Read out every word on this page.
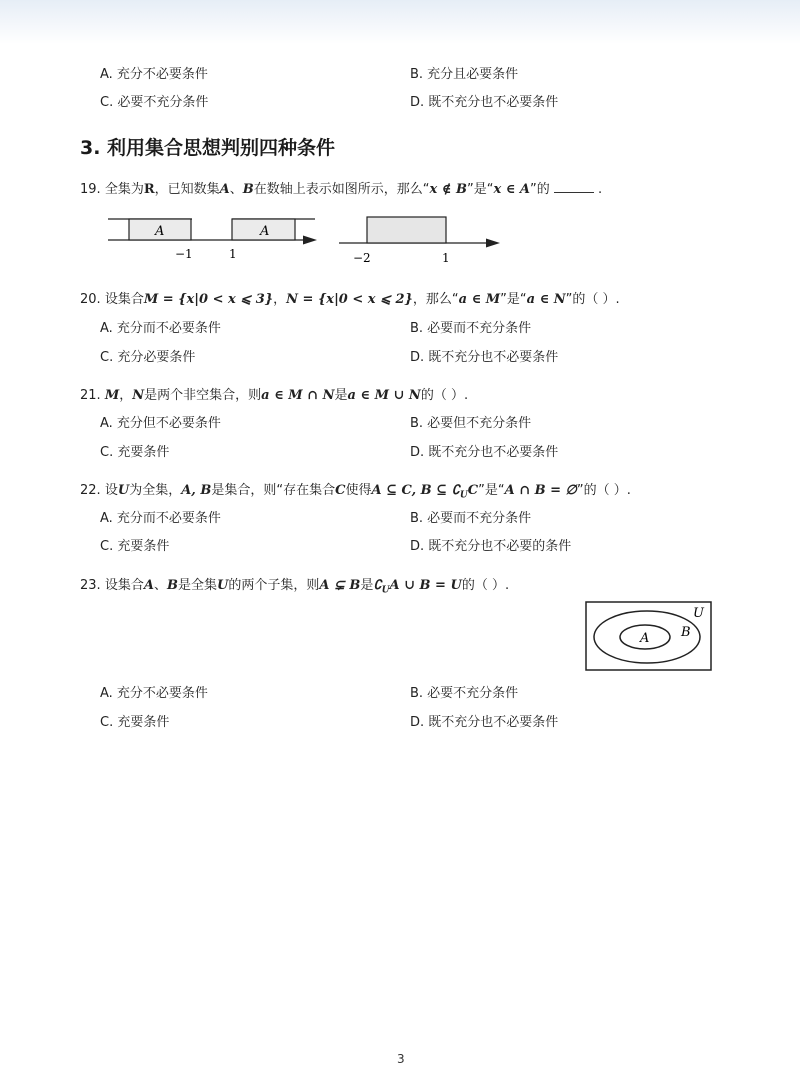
A. 充分不必要条件	B. 充分且必要条件
C. 必要不充分条件	D. 既不充分也不必要条件
3. 利用集合思想判别四种条件
19. 全集为R，已知数集A、B在数轴上表示如图所示，那么“x ∉ B”是“x ∈ A”的	.
A	A
−1	1	−2	1
20. 设集合M = {x|0 < x ⩽ 3}，N = {x|0 < x ⩽ 2}，那么“a ∈ M”是“a ∈ N”的（ ）.
A. 充分而不必要条件	B. 必要而不充分条件
C. 充分必要条件	D. 既不充分也不必要条件
21. M，N是两个非空集合，则a ∈ M ∩ N是a ∈ M ∪ N的（ ）.
A. 充分但不必要条件	B. 必要但不充分条件
C. 充要条件	D. 既不充分也不必要条件
22. 设U为全集，A, B是集合，则“存在集合C使得A ⊆ C, B ⊆ $∁_UC$”是“A ∩ B = ∅”的（ ）.
A. 充分而不必要条件	B. 必要而不充分条件
C. 充要条件	D. 既不充分也不必要的条件
23. 设集合A、B是全集U的两个子集，则A ⊊ B是$∁_UA$ ∪ B = U的（ ）.
U
B
A
A. 充分不必要条件	B. 必要不充分条件
C. 充要条件	D. 既不充分也不必要条件
3
